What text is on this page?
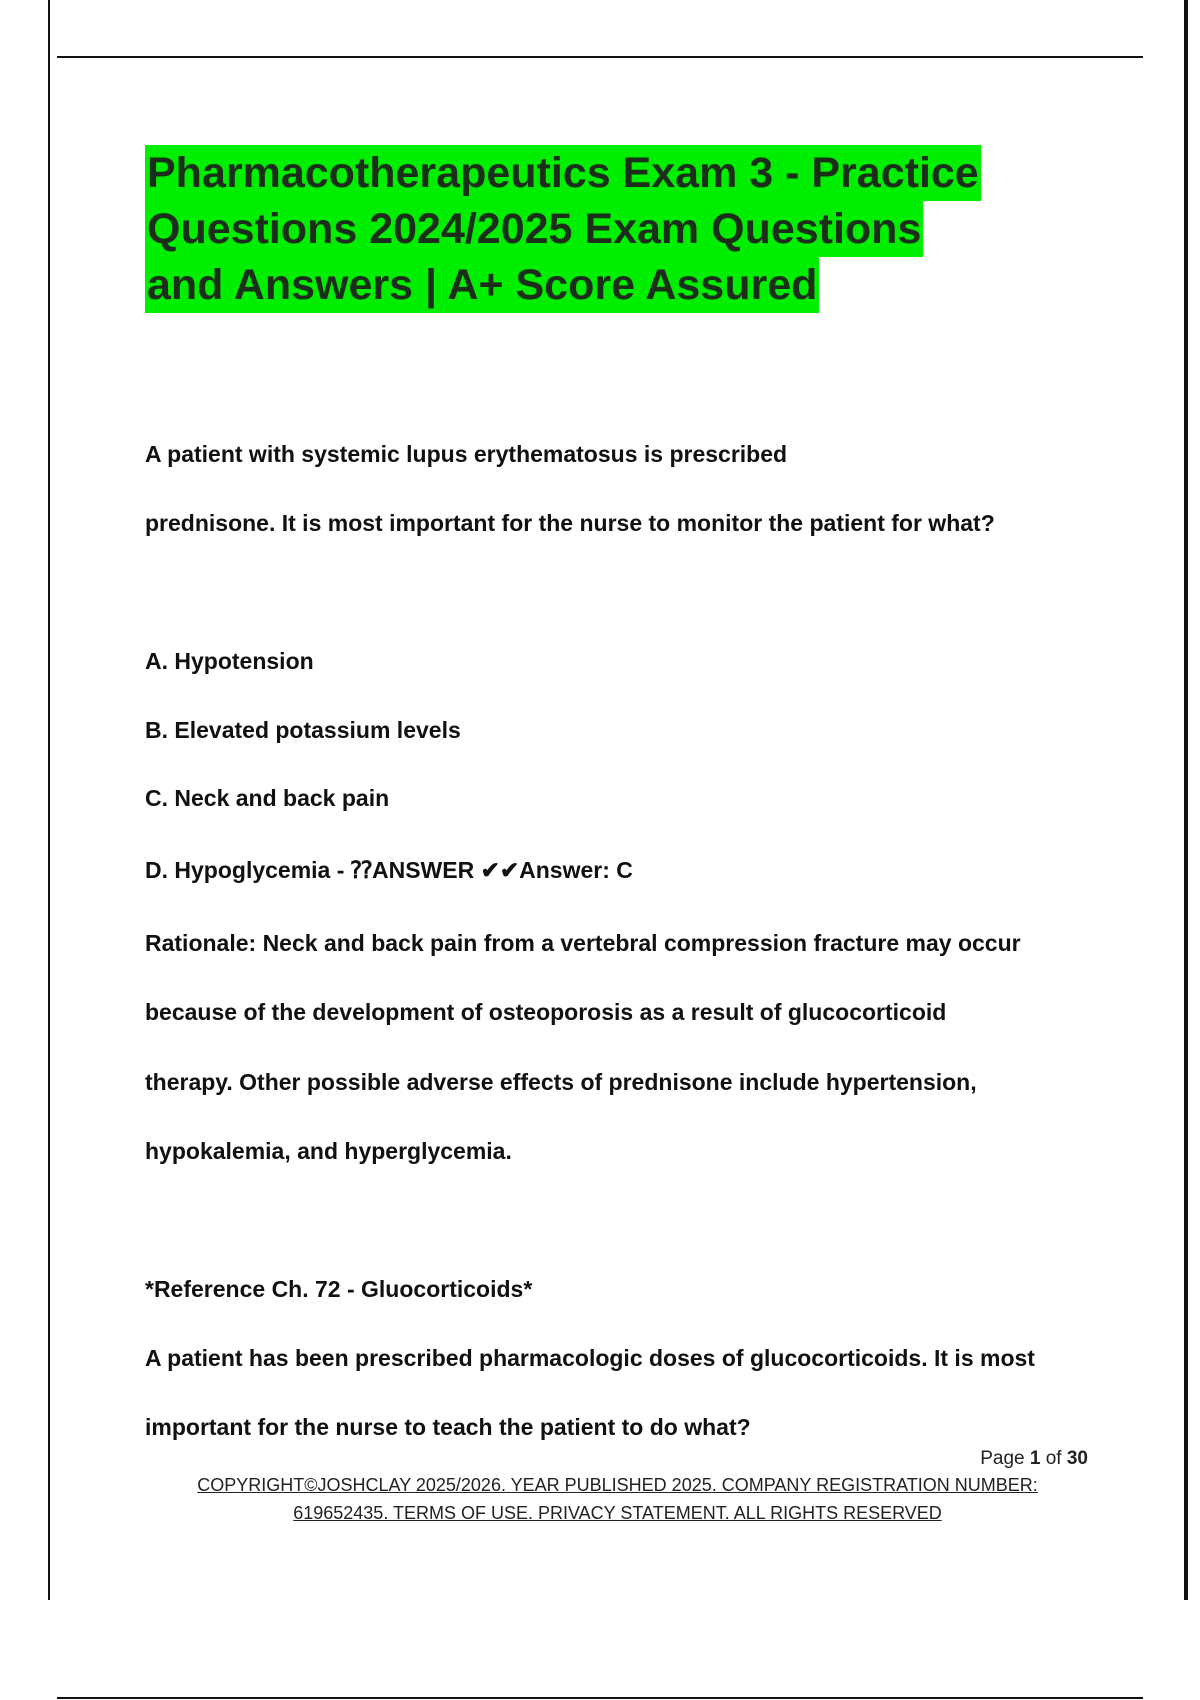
Pharmacotherapeutics Exam 3 - Practice
Questions 2024/2025 Exam Questions
and Answers | A+ Score Assured
A patient with systemic lupus erythematosus is prescribed
prednisone. It is most important for the nurse to monitor the patient for what?
A. Hypotension
B. Elevated potassium levels
C. Neck and back pain
D. Hypoglycemia - ⁇ANSWER ✔✔Answer: C
Rationale: Neck and back pain from a vertebral compression fracture may occur
because of the development of osteoporosis as a result of glucocorticoid
therapy. Other possible adverse effects of prednisone include hypertension,
hypokalemia, and hyperglycemia.
*Reference Ch. 72 - Gluocorticoids*
A patient has been prescribed pharmacologic doses of glucocorticoids. It is most
important for the nurse to teach the patient to do what?
Page 1 of 30
COPYRIGHT©JOSHCLAY 2025/2026. YEAR PUBLISHED 2025. COMPANY REGISTRATION NUMBER:
619652435. TERMS OF USE. PRIVACY STATEMENT. ALL RIGHTS RESERVED
